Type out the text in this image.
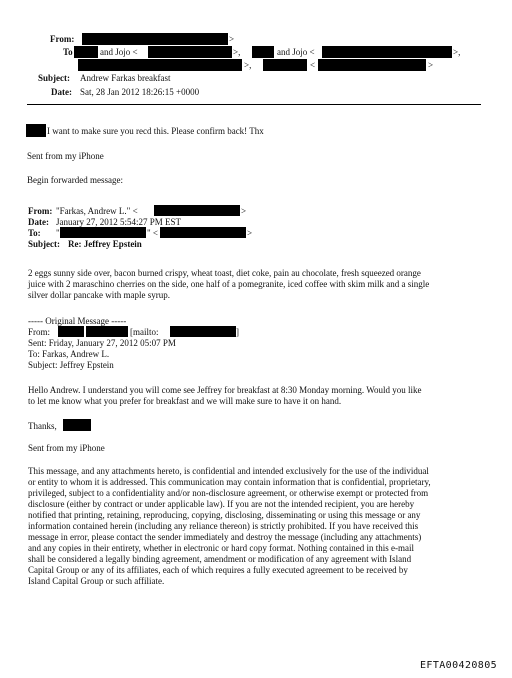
From:	>
To	and Jojo <	>,	and Jojo <	>,
>,	<	>
Subject: Andrew Farkas breakfast
Date: Sat, 28 Jan 2012 18:26:15 +0000
I want to make sure you recd this. Please confirm back! Thx
Sent from my iPhone
Begin forwarded message:
From: "Farkas, Andrew L." <	>
Date: January 27, 2012 5:54:27 PM EST
To: "	" <	>
Subject: Re: Jeffrey Epstein
2 eggs sunny side over, bacon burned crispy, wheat toast, diet coke, pain au chocolate, fresh squeezed orange
juice with 2 maraschino cherries on the side, one half of a pomegranite, iced coffee with skim milk and a single
silver dollar pancake with maple syrup.
----- Original Message -----
From:	[mailto:	]
Sent: Friday, January 27, 2012 05:07 PM
To: Farkas, Andrew L.
Subject: Jeffrey Epstein
Hello Andrew. I understand you will come see Jeffrey for breakfast at 8:30 Monday morning. Would you like
to let me know what you prefer for breakfast and we will make sure to have it on hand.
Thanks,
Sent from my iPhone
This message, and any attachments hereto, is confidential and intended exclusively for the use of the individual
or entity to whom it is addressed. This communication may contain information that is confidential, proprietary,
privileged, subject to a confidentiality and/or non-disclosure agreement, or otherwise exempt or protected from
disclosure (either by contract or under applicable law). If you are not the intended recipient, you are hereby
notified that printing, retaining, reproducing, copying, disclosing, disseminating or using this message or any
information contained herein (including any reliance thereon) is strictly prohibited. If you have received this
message in error, please contact the sender immediately and destroy the message (including any attachments)
and any copies in their entirety, whether in electronic or hard copy format. Nothing contained in this e-mail
shall be considered a legally binding agreement, amendment or modification of any agreement with Island
Capital Group or any of its affiliates, each of which requires a fully executed agreement to be received by
Island Capital Group or such affiliate.
EFTA00420805
